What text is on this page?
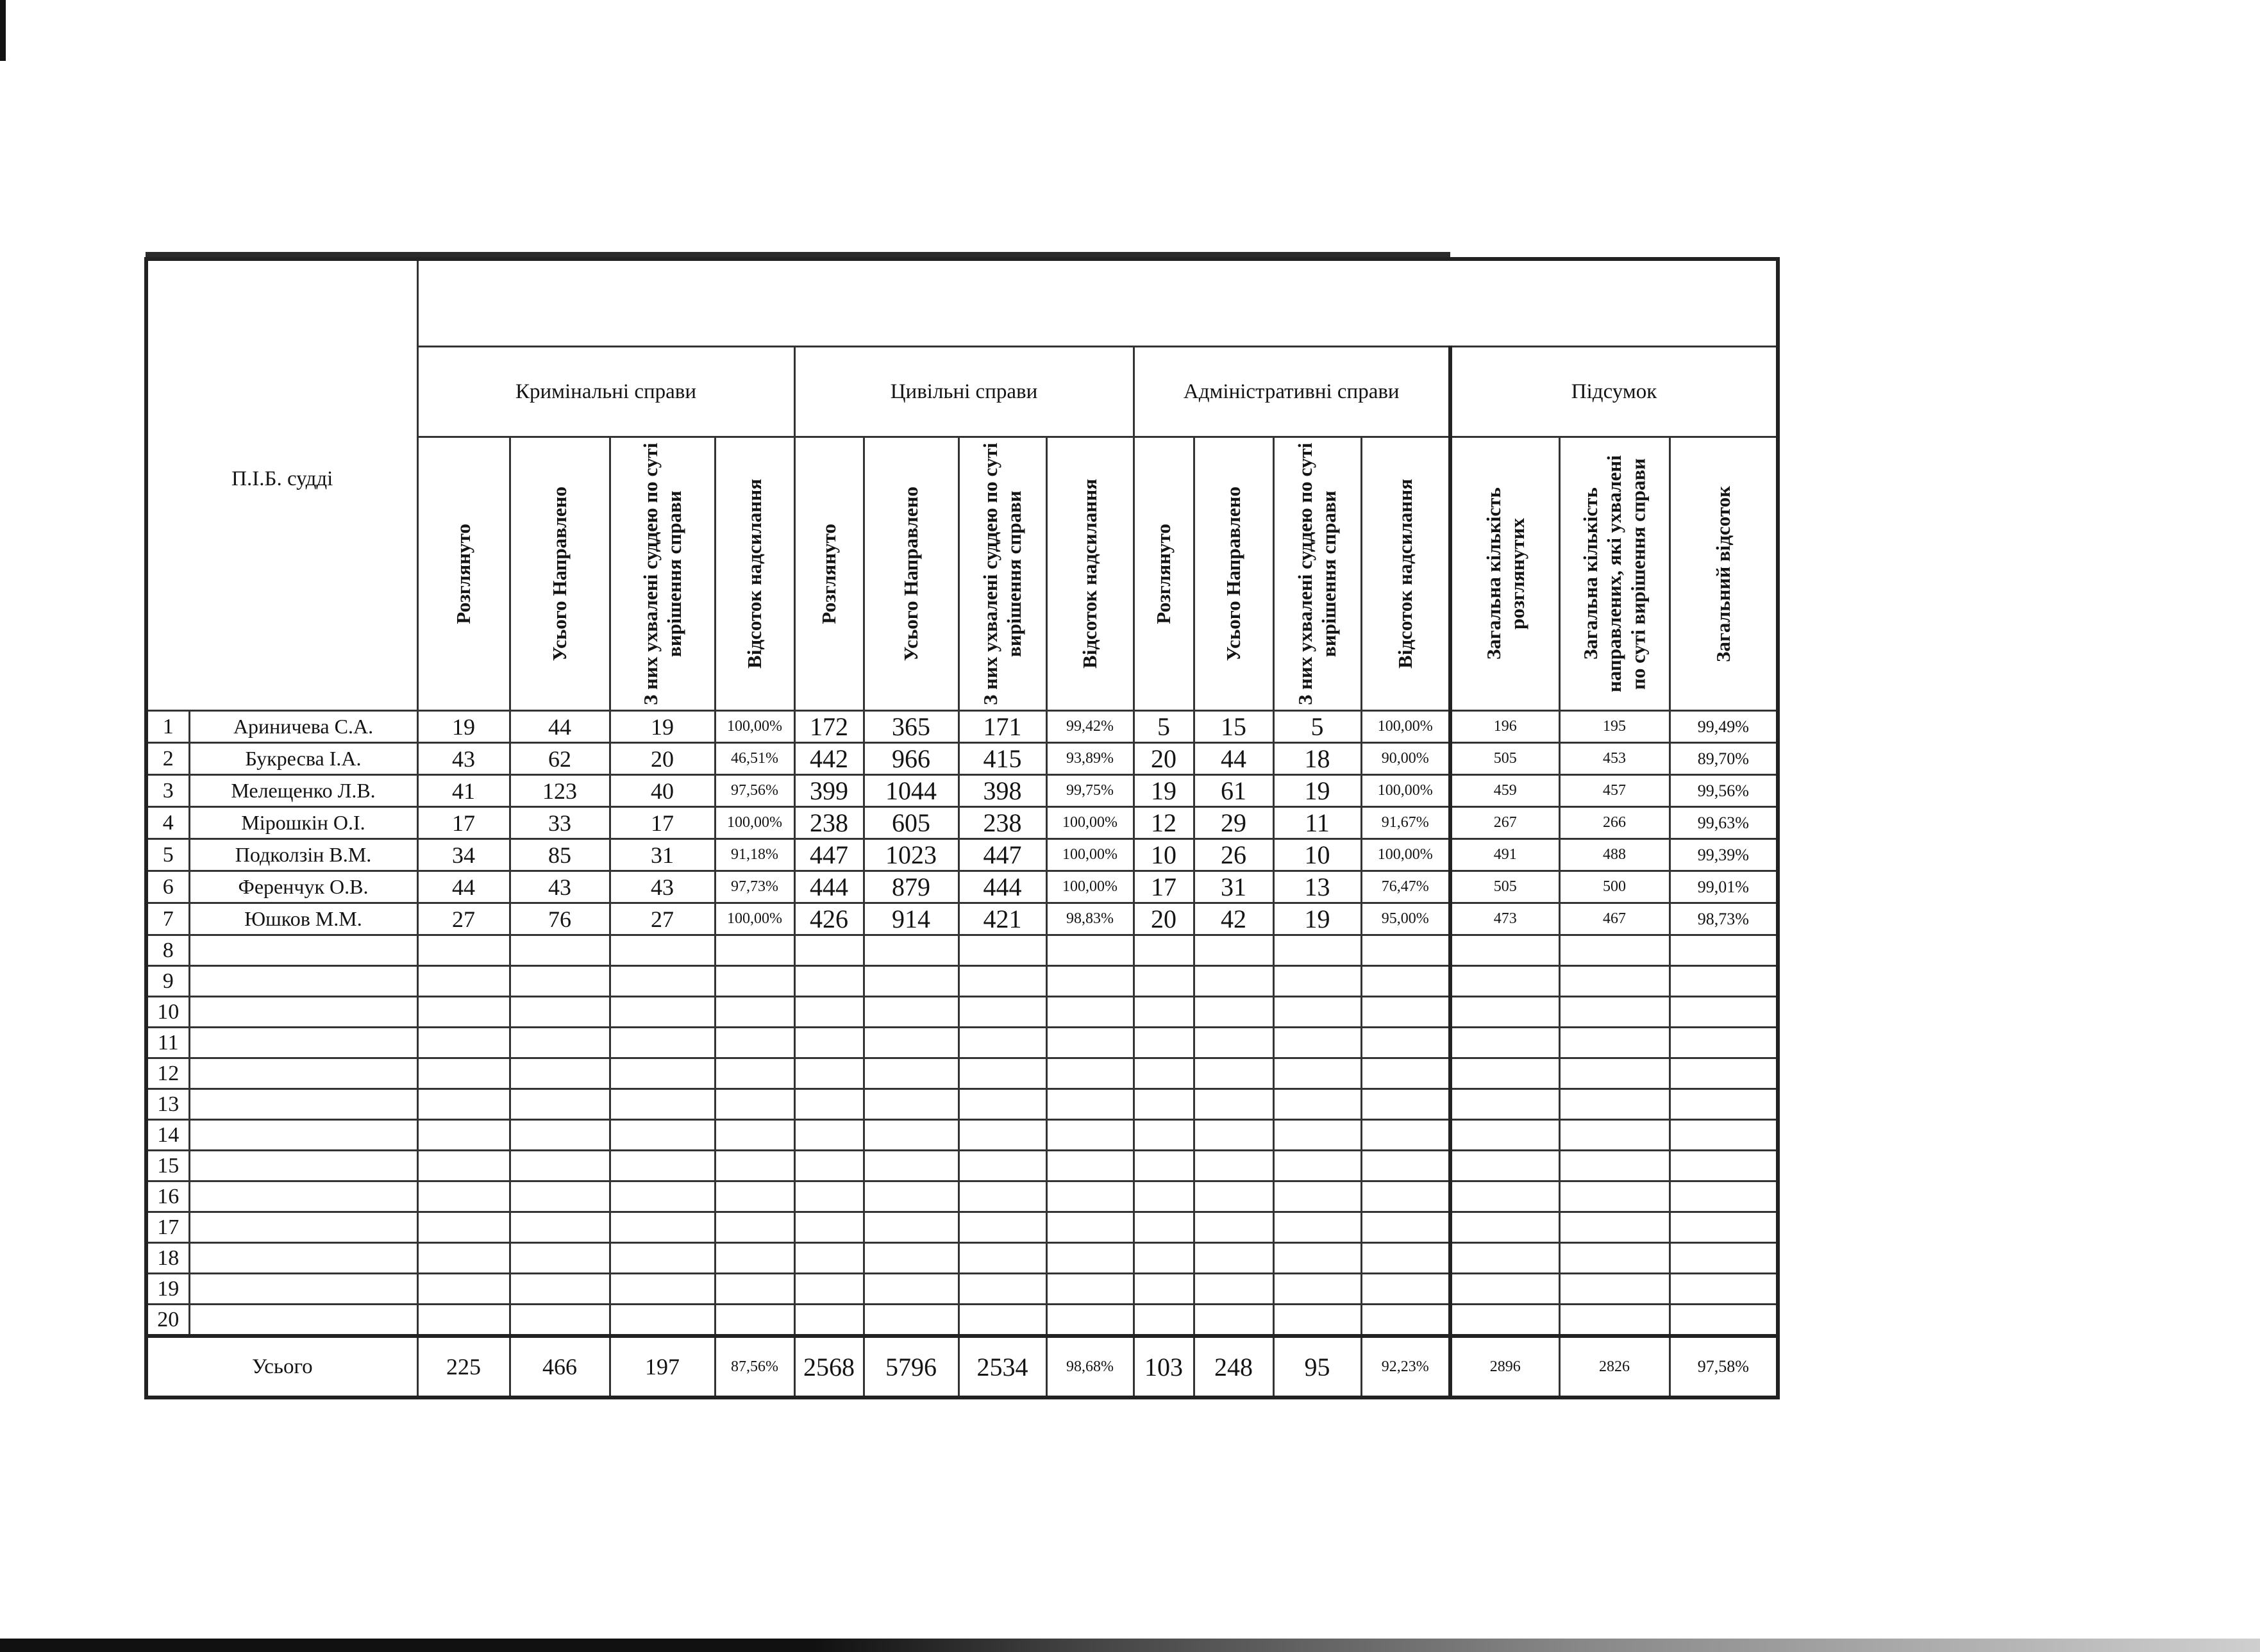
П.І.Б. судді																

		Кримінальні справи				Цивільні справи				Адміністративні справи				Підсумок		

		Розглянуто	Усього Направлено	З них ухвалені суддею по суті вирішення справи	Відсоток надсилання	Розглянуто	Усього Направлено	З них ухвалені суддею по суті вирішення справи	Відсоток надсилання	Розглянуто	Усього Направлено	З них ухвалені суддею по суті вирішення справи	Відсоток надсилання	Загальна кількість розглянутих	Загальна кількість направлених, які ухвалені по суті вирішення справи	Загальний відсоток

1	Ариничева С.А.	19	44	19	100,00%	172	365	171	99,42%	5	15	5	100,00%	196	195	99,49%
2	Букресва І.А.	43	62	20	46,51%	442	966	415	93,89%	20	44	18	90,00%	505	453	89,70%
3	Мелещенко Л.В.	41	123	40	97,56%	399	1044	398	99,75%	19	61	19	100,00%	459	457	99,56%
4	Мірошкін О.І.	17	33	17	100,00%	238	605	238	100,00%	12	29	11	91,67%	267	266	99,63%
5	Подколзін В.М.	34	85	31	91,18%	447	1023	447	100,00%	10	26	10	100,00%	491	488	99,39%
6	Ференчук О.В.	44	43	43	97,73%	444	879	444	100,00%	17	31	13	76,47%	505	500	99,01%
7	Юшков М.М.	27	76	27	100,00%	426	914	421	98,83%	20	42	19	95,00%	473	467	98,73%
8																
9																
10																
11																
12																
13																
14																
15																
16																
17																
18																
19																
20																
Усього		225	466	197	87,56%	2568	5796	2534	98,68%	103	248	95	92,23%	2896	2826	97,58%
